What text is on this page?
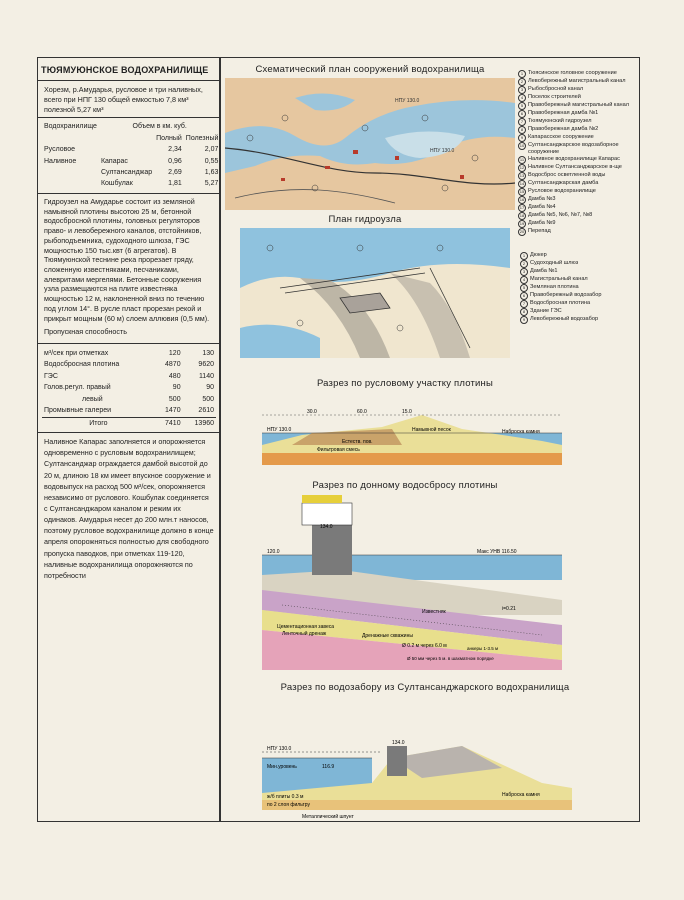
ТЮЯМУЮНСКОЕ ВОДОХРАНИЛИЩЕ

Хорезм, р.Амударья, русловое и три наливных, всего при НПГ 130 общей емкостью 7,8 км³ полезной 5,27 км³

Водохранилище	Объем в км. куб.		
		Полный	Полезный
Русловое		2,34	2,07
Наливное	Капарас	0,96	0,55
	Султансанджар	2,69	1,63
	Кошбулак	1,81	5,27

Гидроузел на Амударье состоит из земляной намывной плотины высотою 25 м, бетонной водосбросной плотины, головных регуляторов право- и левобережного каналов, отстойников, рыбоподъемника, судоходного шлюза, ГЭС мощностью 150 тыс.квт (6 агрегатов). В Тюямуюнской теснине река прорезает гряду, сложенную известняками, песчаниками, алевритами мергелями. Бетонные сооружения узла размещаются на плите известняка мощностью 12 м, наклоненной вниз по течению под углом 14°. В русле пласт прорезан рекой и прикрыт мощным (60 м) слоем аллювия (0,5 мм).

Пропускная способность

м³/сек при отметках	120	130
Водосбросная плотина	4870	9620
ГЭС	480	1140
Голов.регул. правый	90	90
левый	500	500
Промывные галереи	1470	2610
Итого	7410	13960

Наливное Капарас заполняется и опорожняется одновременно с русловым водохранилищем; Султансанджар ограждается дамбой высотой до 20 м, длиною 18 км имеет впускное сооружение и водовыпуск на расход 500 м³/сек, опорожняется независимо от руслового. Кошбулак соединяется с Султансанджаром каналом и режим их одинаков. Амударья несет до 200 млн.т наносов, поэтому русловое водохранилище должно в конце апреля опорожняться полностью для свободного пропуска паводков, при отметках 119-120, наливные водохранилища опорожняются по потребности

Схематический план сооружений водохранилища
План гидроузла
Разрез по русловому участку плотины
Разрез по донному водосбросу плотины
Разрез по водозабору из Султансанджарского водохранилища
НПУ 130.0
НПУ 130.0
1 Тюясинское головное сооружение
2 Левобережный магистральный канал
3 Рыбосбросной канал
4 Поселок строителей
5 Правобережный магистральный канал
6 Правобережная дамба №1
7 Тюямуюнский гидроузел
8 Правобережная дамба №2
9 Капарасское сооружение
10 Султансанджарское водозаборное сооружение
11 Наливное водохранилище Капарас
12 Наливное Султансанджарское в-ще
13 Водосброс осветленной воды
14 Султансанджарская дамба
15 Русловое водохранилище
16 Дамба №3
17 Дамба №4
18 Дамба №5, №6, №7, №8
19 Дамба №9
20 Перепад
1 Дюкер
2 Судоходный шлюз
3 Дамба №1
4 Магистральный канал
5 Земляная плотина
6 Правобережный водозабор
7 Водосбросная плотина
8 Здание ГЭС
9 Левобережный водозабор
30.0	60.0	15.0
НПУ 130.0
Естеств. пов.
Намывной песок
Фильтровая смесь
Наброска камня
134.0
120.0	Макс УНВ 116.50
Известняк	i=0.21
Цементационная завеса
Ленточный дренаж	Дренажные скважины
Ø 0.2 м через 6.0 м	анкеры 1-3.5 м
Ø 50 мм через 5 м. в шахматном порядке
НПУ 130.0
134.0
Мин.уровень	116.9
ж/б плиты 0.3 м
по 2 слоя фильтру
Наброска камня
Металлический шпунт
